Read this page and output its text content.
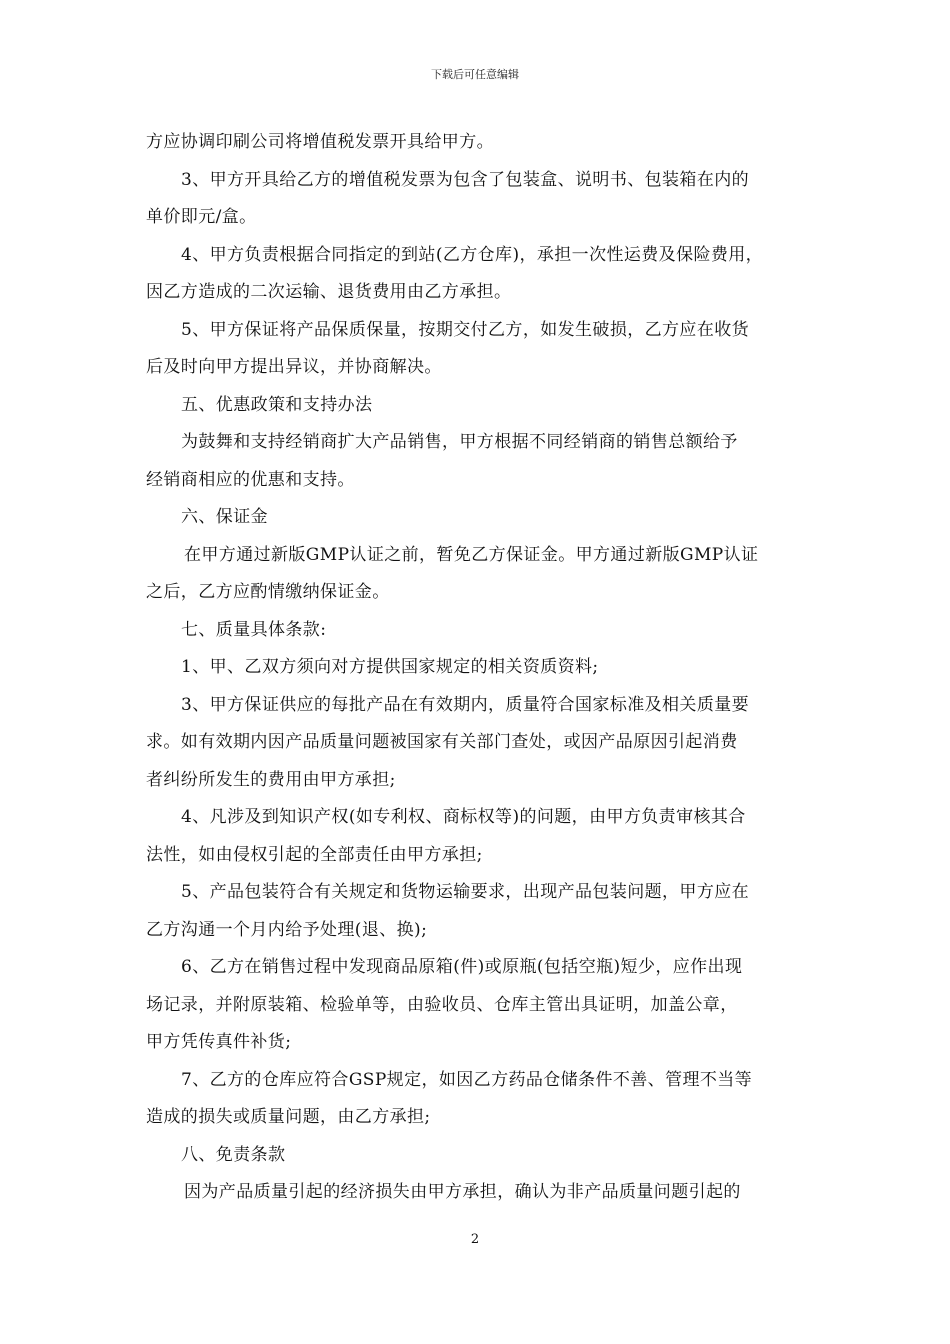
下载后可任意编辑

方应协调印刷公司将增值税发票开具给甲方。

3、甲方开具给乙方的增值税发票为包含了包装盒、说明书、包装箱在内的

单价即元/盒。

4、甲方负责根据合同指定的到站(乙方仓库)，承担一次性运费及保险费用，

因乙方造成的二次运输、退货费用由乙方承担。

5、甲方保证将产品保质保量，按期交付乙方，如发生破损，乙方应在收货

后及时向甲方提出异议，并协商解决。

五、优惠政策和支持办法

为鼓舞和支持经销商扩大产品销售，甲方根据不同经销商的销售总额给予

经销商相应的优惠和支持。

六、保证金

在甲方通过新版GMP认证之前，暂免乙方保证金。甲方通过新版GMP认证

之后，乙方应酌情缴纳保证金。

七、质量具体条款:

1、甲、乙双方须向对方提供国家规定的相关资质资料;

3、甲方保证供应的每批产品在有效期内，质量符合国家标准及相关质量要

求。如有效期内因产品质量问题被国家有关部门查处，或因产品原因引起消费

者纠纷所发生的费用由甲方承担;

4、凡涉及到知识产权(如专利权、商标权等)的问题，由甲方负责审核其合

法性，如由侵权引起的全部责任由甲方承担;

5、产品包装符合有关规定和货物运输要求，出现产品包装问题，甲方应在

乙方沟通一个月内给予处理(退、换);

6、乙方在销售过程中发现商品原箱(件)或原瓶(包括空瓶)短少，应作出现

场记录，并附原装箱、检验单等，由验收员、仓库主管出具证明，加盖公章，

甲方凭传真件补货;

7、乙方的仓库应符合GSP规定，如因乙方药品仓储条件不善、管理不当等

造成的损失或质量问题，由乙方承担;

八、免责条款

因为产品质量引起的经济损失由甲方承担，确认为非产品质量问题引起的

2
